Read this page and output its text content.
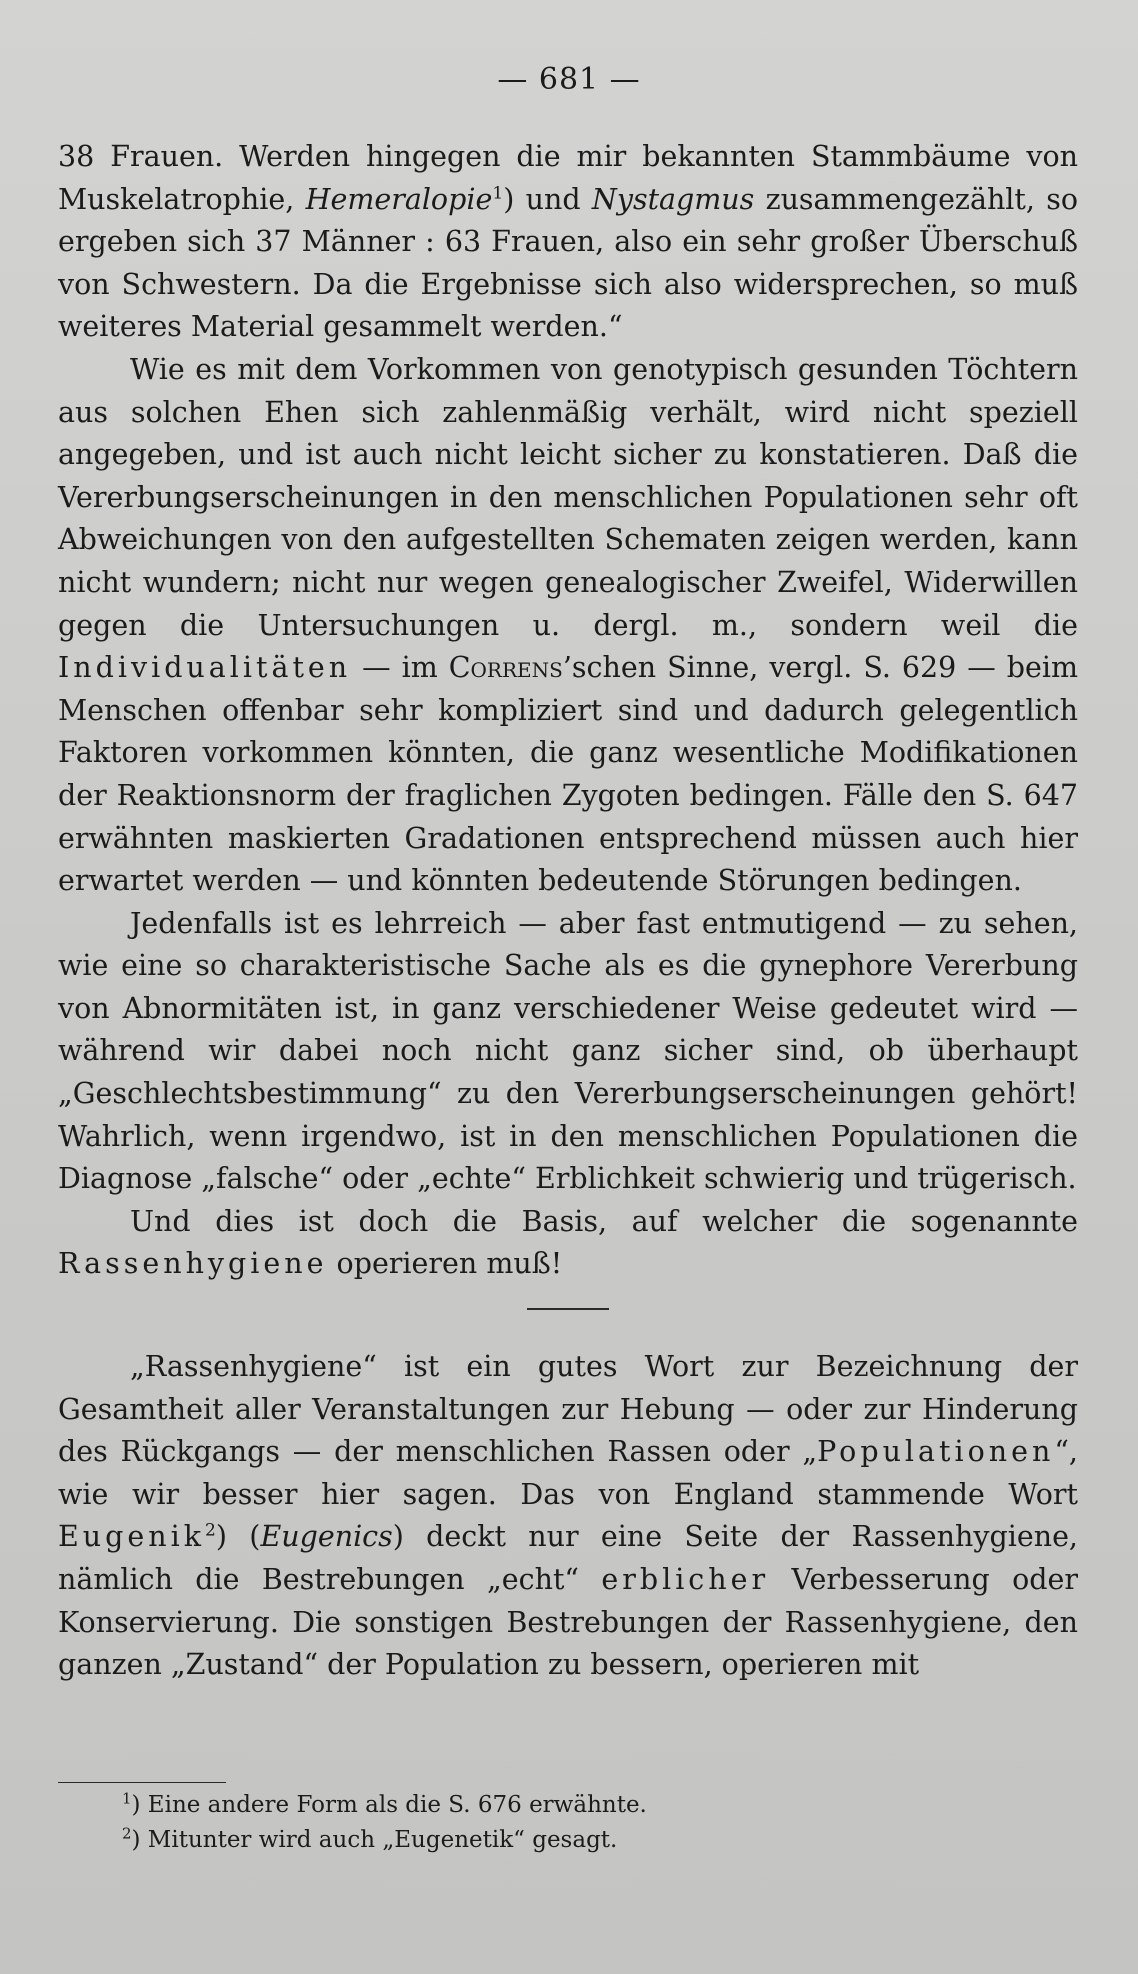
— 681 —

38 Frauen. Werden hingegen die mir bekannten Stammbäume von Muskelatrophie, Hemeralopie$^1$) und Nystagmus zusammengezählt, so ergeben sich 37 Männer : 63 Frauen, also ein sehr großer Überschuß von Schwestern. Da die Ergebnisse sich also widersprechen, so muß weiteres Material gesammelt werden.“

Wie es mit dem Vorkommen von genotypisch gesunden Töchtern aus solchen Ehen sich zahlenmäßig verhält, wird nicht speziell angegeben, und ist auch nicht leicht sicher zu konstatieren. Daß die Vererbungserscheinungen in den menschlichen Populationen sehr oft Abweichungen von den aufgestellten Schematen zeigen werden, kann nicht wundern; nicht nur wegen genealogischer Zweifel, Widerwillen gegen die Untersuchungen u. dergl. m., sondern weil die Individualitäten — im Correns’schen Sinne, vergl. S. 629 — beim Menschen offenbar sehr kompliziert sind und dadurch gelegentlich Faktoren vorkommen könnten, die ganz wesentliche Modifikationen der Reaktionsnorm der fraglichen Zygoten bedingen. Fälle den S. 647 erwähnten maskierten Gradationen entsprechend müssen auch hier erwartet werden — und könnten bedeutende Störungen bedingen.

Jedenfalls ist es lehrreich — aber fast entmutigend — zu sehen, wie eine so charakteristische Sache als es die gynephore Vererbung von Abnormitäten ist, in ganz verschiedener Weise gedeutet wird — während wir dabei noch nicht ganz sicher sind, ob überhaupt „Geschlechtsbestimmung“ zu den Vererbungserscheinungen gehört! Wahrlich, wenn irgendwo, ist in den menschlichen Populationen die Diagnose „falsche“ oder „echte“ Erblichkeit schwierig und trügerisch.

Und dies ist doch die Basis, auf welcher die sogenannte Rassenhygiene operieren muß!

„Rassenhygiene“ ist ein gutes Wort zur Bezeichnung der Gesamtheit aller Veranstaltungen zur Hebung — oder zur Hinderung des Rückgangs — der menschlichen Rassen oder „Populationen“, wie wir besser hier sagen. Das von England stammende Wort Eugenik$^2$) (Eugenics) deckt nur eine Seite der Rassenhygiene, nämlich die Bestrebungen „echt“ erblicher Verbesserung oder Konservierung. Die sonstigen Bestrebungen der Rassenhygiene, den ganzen „Zustand“ der Population zu bessern, operieren mit

$^1$) Eine andere Form als die S. 676 erwähnte.
$^2$) Mitunter wird auch „Eugenetik“ gesagt.
